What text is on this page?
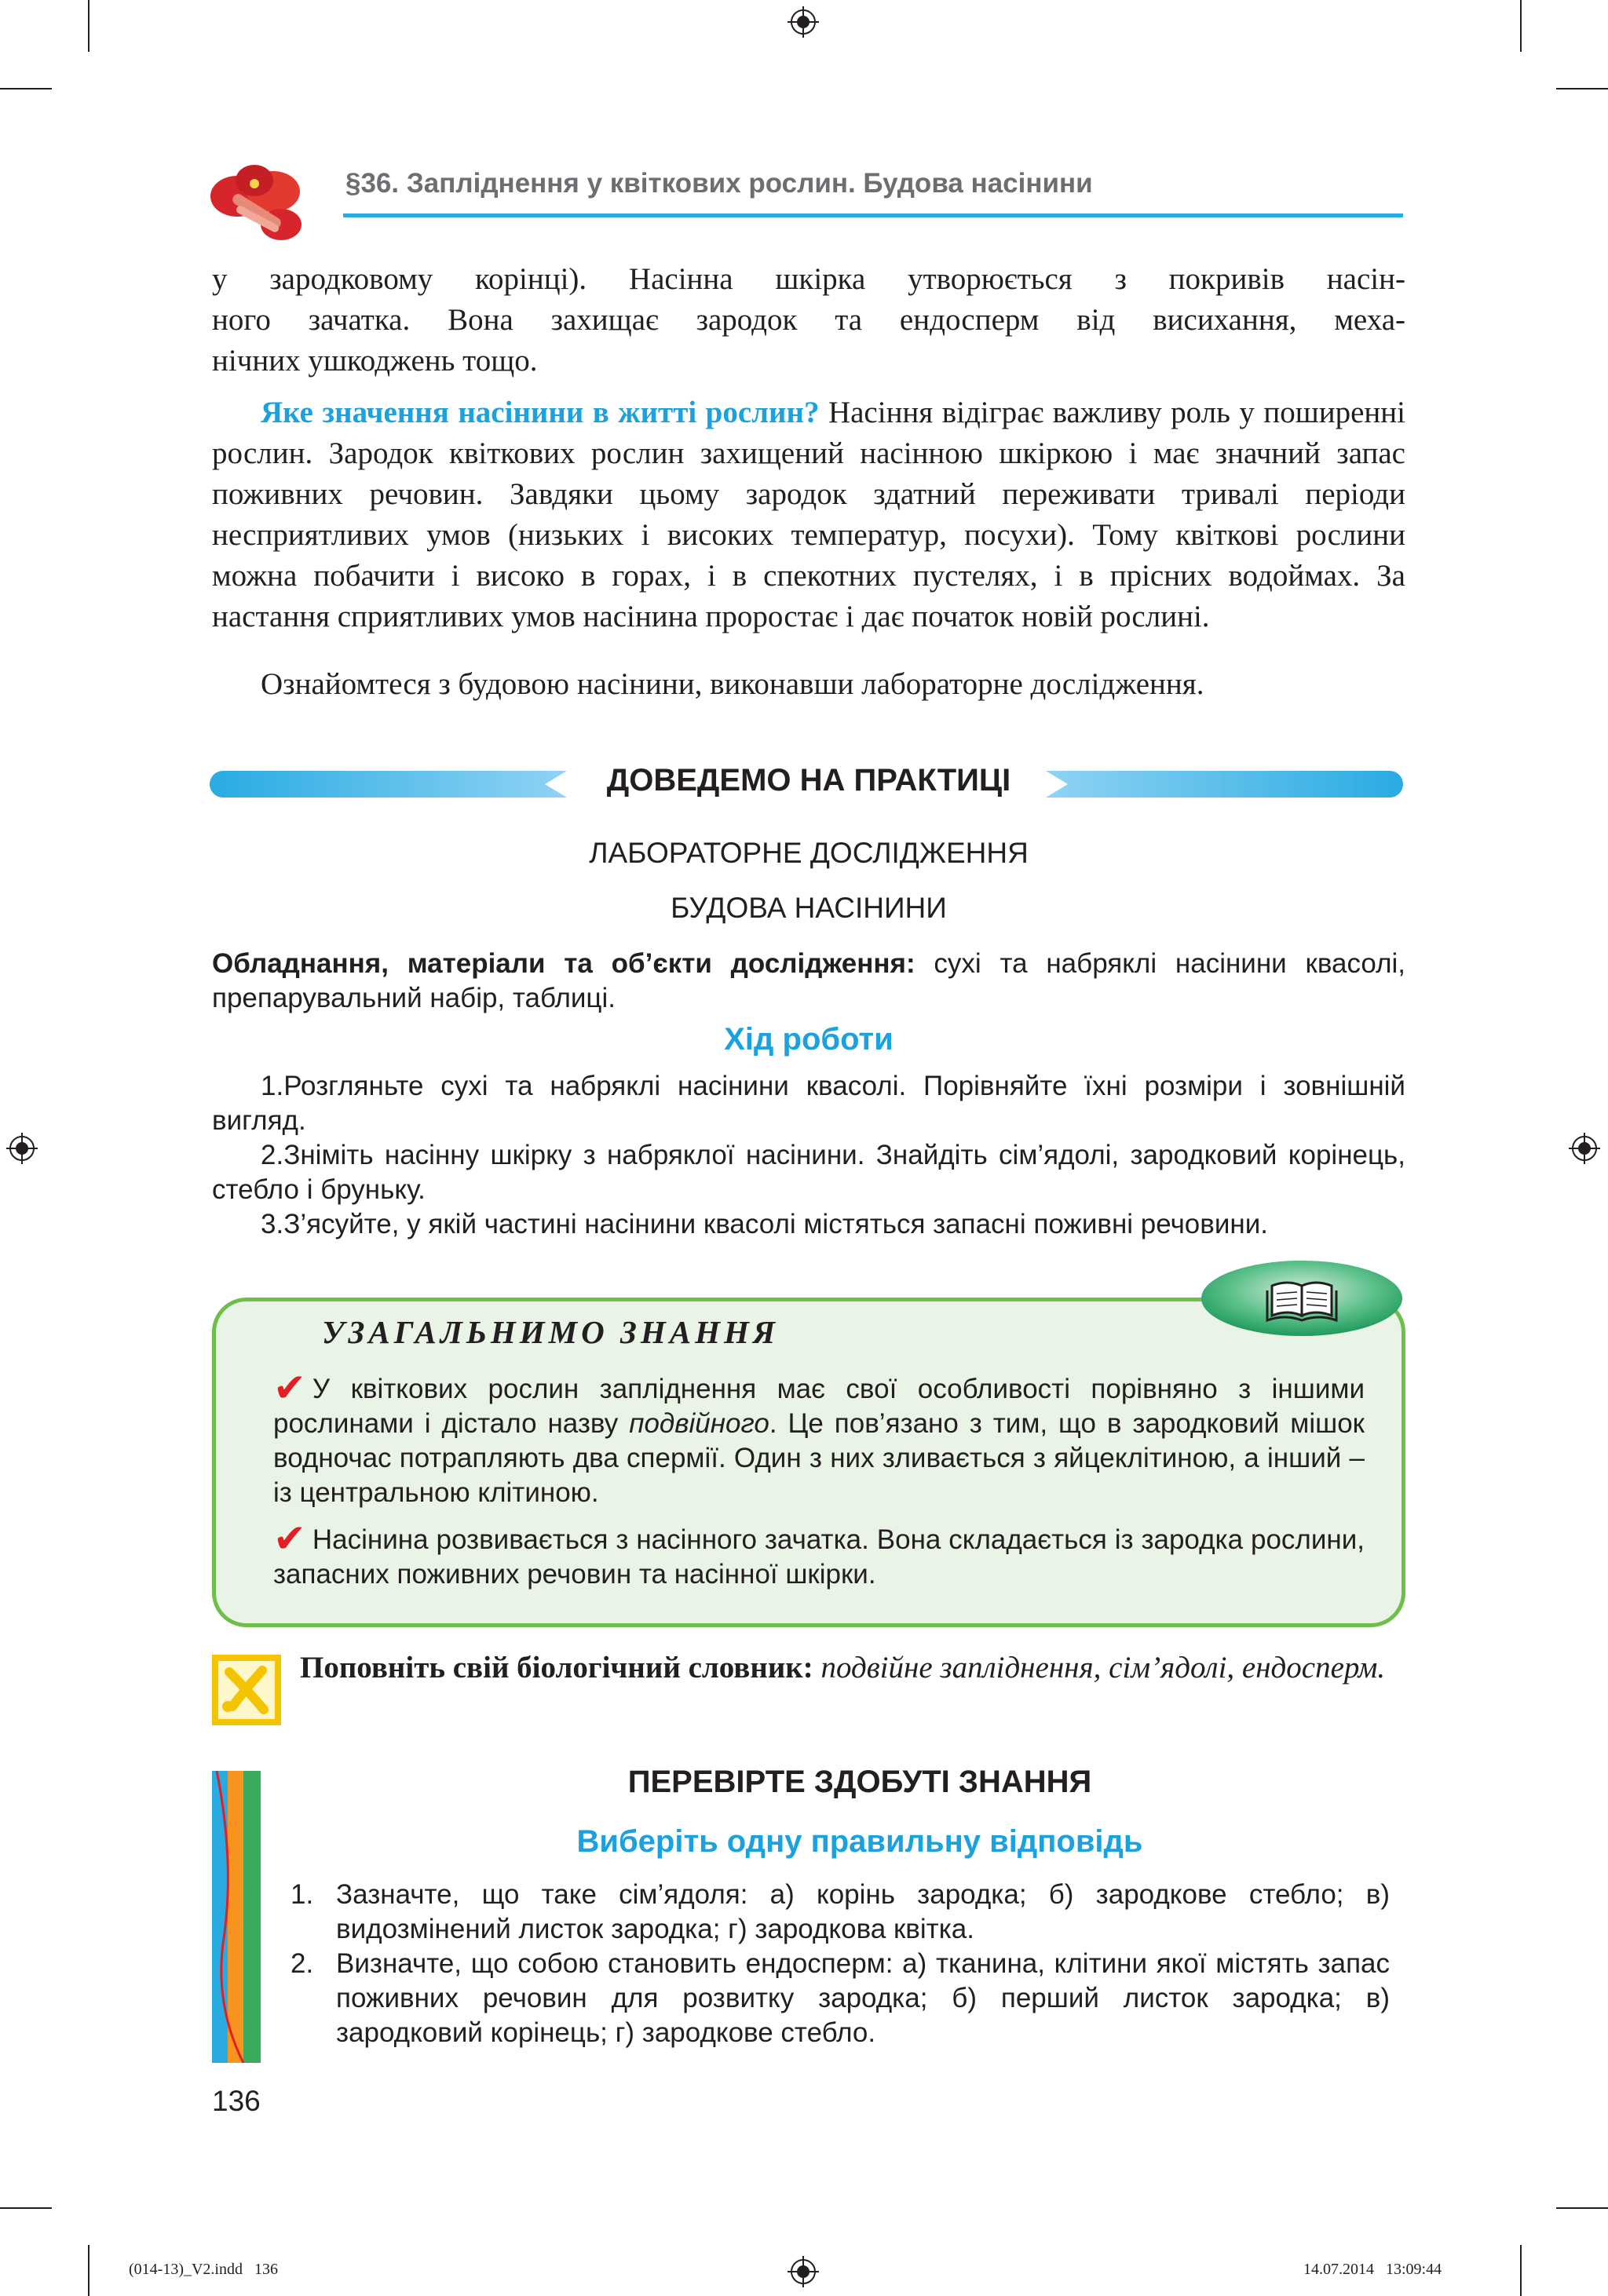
§36. Запліднення у квіткових рослин. Будова насінини

у зародковому корінці). Насінна шкірка утворюється з покривів насін-

ного зачатка. Вона захищає зародок та ендосперм від висихання, меха-

нічних ушкоджень тощо.

Яке значення насінини в житті рослин? Насіння відіграє важливу роль у поширенні рослин. Зародок квіткових рослин захищений насінною шкіркою і має значний запас поживних речовин. Завдяки цьому зародок здатний переживати тривалі періоди несприятливих умов (низьких і високих температур, посухи). Тому квіткові рослини можна побачити і високо в горах, і в спекотних пустелях, і в прісних водоймах. За настання сприятливих умов насінина проростає і дає початок новій рослині.
Ознайомтеся з будовою насінини, виконавши лабораторне дослідження.
ДОВЕДЕМО НА ПРАКТИЦІ
ЛАБОРАТОРНЕ ДОСЛІДЖЕННЯ
БУДОВА НАСІНИНИ
Обладнання, матеріали та об’єкти дослідження: сухі та набряклі насінини квасолі, препарувальний набір, таблиці.
Хід роботи
1.Розгляньте сухі та набряклі насінини квасолі. Порівняйте їхні розміри і зовнішній вигляд.
2.Зніміть насінну шкірку з набряклої насінини. Знайдіть сім’ядолі, зародковий корінець, стебло і бруньку.
3.З’ясуйте, у якій частині насінини квасолі містяться запасні поживні речовини.
УЗАГАЛЬНИМО ЗНАННЯ
✔ У квіткових рослин запліднення має свої особливості порівняно з іншими рослинами і дістало назву подвійного. Це пов’язано з тим, що в зародковий мішок водночас потрапляють два спермії. Один з них зливається з яйцеклітиною, а інший – із центральною клітиною.
✔ Насінина розвивається з насінного зачатка. Вона складається із зародка рослини, запасних поживних речовин та насінної шкірки.
Поповніть свій біологічний словник: подвійне запліднення, сім’ядолі, ендосперм.
ПЕРЕВІРТЕ ЗДОБУТІ ЗНАННЯ
Виберіть одну правильну відповідь
1. Зазначте, що таке сім’ядоля: а) корінь зародка; б) зародкове стебло; в) видозмінений листок зародка; г) зародкова квітка.
2. Визначте, що собою становить ендосперм: а) тканина, клітини якої містять запас поживних речовин для розвитку зародка; б) перший листок зародка; в) зародковий корінець; г) зародкове стебло.
136
(014-13)_V2.indd   136	14.07.2014   13:09:44
